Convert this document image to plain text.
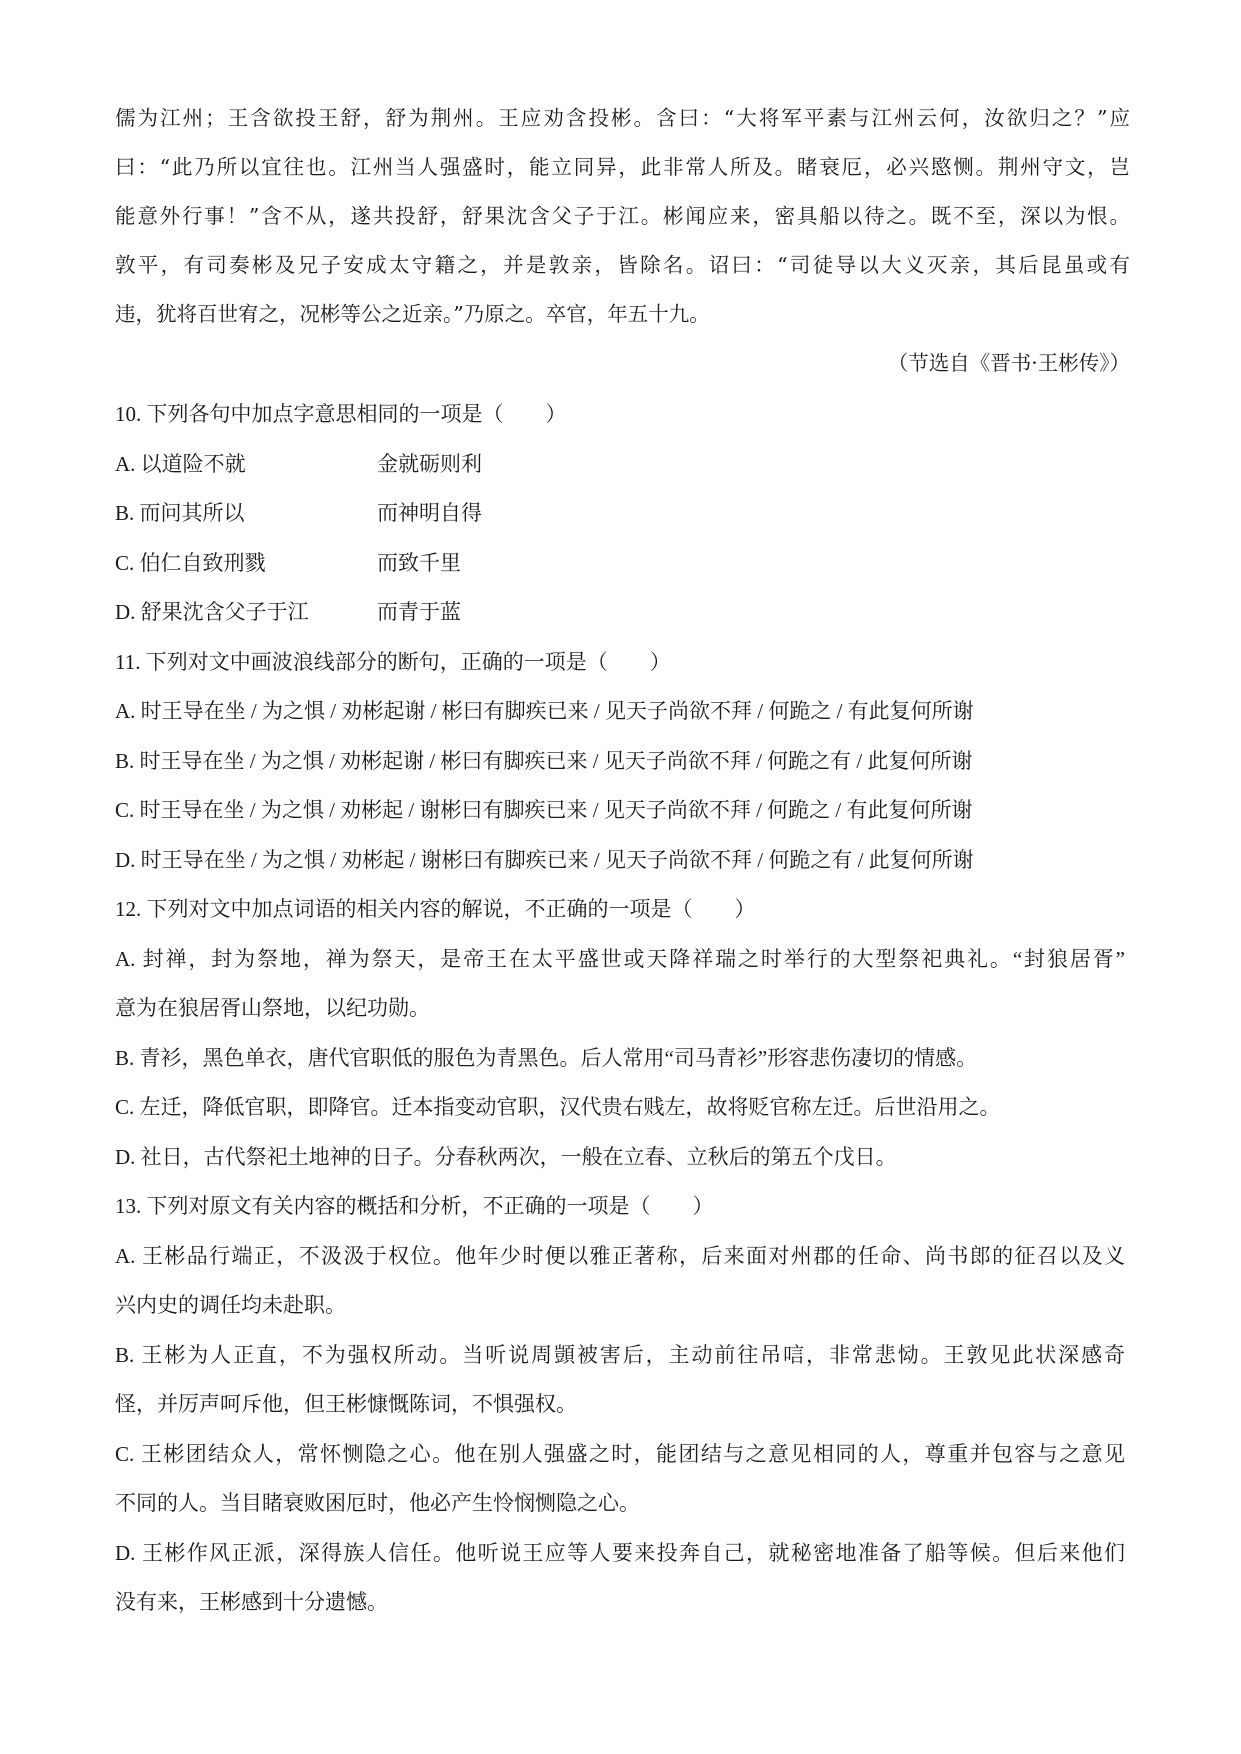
儒为江州；王含欲投王舒，舒为荆州。王应劝含投彬。含曰：“大将军平素与江州云何，汝欲归之？”应
曰：“此乃所以宜往也。江州当人强盛时，能立同异，此非常人所及。睹衰厄，必兴愍恻。荆州守文，岂
能意外行事！”含不从，遂共投舒，舒果沈含父子于江。彬闻应来，密具船以待之。既不至，深以为恨。
敦平，有司奏彬及兄子安成太守籍之，并是敦亲，皆除名。诏曰：“司徒导以大义灭亲，其后昆虽或有
违，犹将百世宥之，况彬等公之近亲。”乃原之。卒官，年五十九。
（节选自《晋书·王彬传》）
10. 下列各句中加点字意思相同的一项是（　　）
A. 以道险不就	金就砺则利
B. 而问其所以	而神明自得
C. 伯仁自致刑戮	而致千里
D. 舒果沈含父子于江	而青于蓝
11. 下列对文中画波浪线部分的断句，正确的一项是（　　）
A. 时王导在坐 / 为之惧 / 劝彬起谢 / 彬曰有脚疾已来 / 见天子尚欲不拜 / 何跪之 / 有此复何所谢
B. 时王导在坐 / 为之惧 / 劝彬起谢 / 彬曰有脚疾已来 / 见天子尚欲不拜 / 何跪之有 / 此复何所谢
C. 时王导在坐 / 为之惧 / 劝彬起 / 谢彬曰有脚疾已来 / 见天子尚欲不拜 / 何跪之 / 有此复何所谢
D. 时王导在坐 / 为之惧 / 劝彬起 / 谢彬曰有脚疾已来 / 见天子尚欲不拜 / 何跪之有 / 此复何所谢
12. 下列对文中加点词语的相关内容的解说，不正确的一项是（　　）
A. 封禅，封为祭地，禅为祭天，是帝王在太平盛世或天降祥瑞之时举行的大型祭祀典礼。“封狼居胥”
意为在狼居胥山祭地，以纪功勋。
B. 青衫，黑色单衣，唐代官职低的服色为青黑色。后人常用“司马青衫”形容悲伤凄切的情感。
C. 左迁，降低官职，即降官。迁本指变动官职，汉代贵右贱左，故将贬官称左迁。后世沿用之。
D. 社日，古代祭祀土地神的日子。分春秋两次，一般在立春、立秋后的第五个戊日。
13. 下列对原文有关内容的概括和分析，不正确的一项是（　　）
A. 王彬品行端正，不汲汲于权位。他年少时便以雅正著称，后来面对州郡的任命、尚书郎的征召以及义
兴内史的调任均未赴职。
B. 王彬为人正直，不为强权所动。当听说周顗被害后，主动前往吊唁，非常悲恸。王敦见此状深感奇
怪，并厉声呵斥他，但王彬慷慨陈词，不惧强权。
C. 王彬团结众人，常怀恻隐之心。他在别人强盛之时，能团结与之意见相同的人，尊重并包容与之意见
不同的人。当目睹衰败困厄时，他必产生怜悯恻隐之心。
D. 王彬作风正派，深得族人信任。他听说王应等人要来投奔自己，就秘密地准备了船等候。但后来他们
没有来，王彬感到十分遗憾。
